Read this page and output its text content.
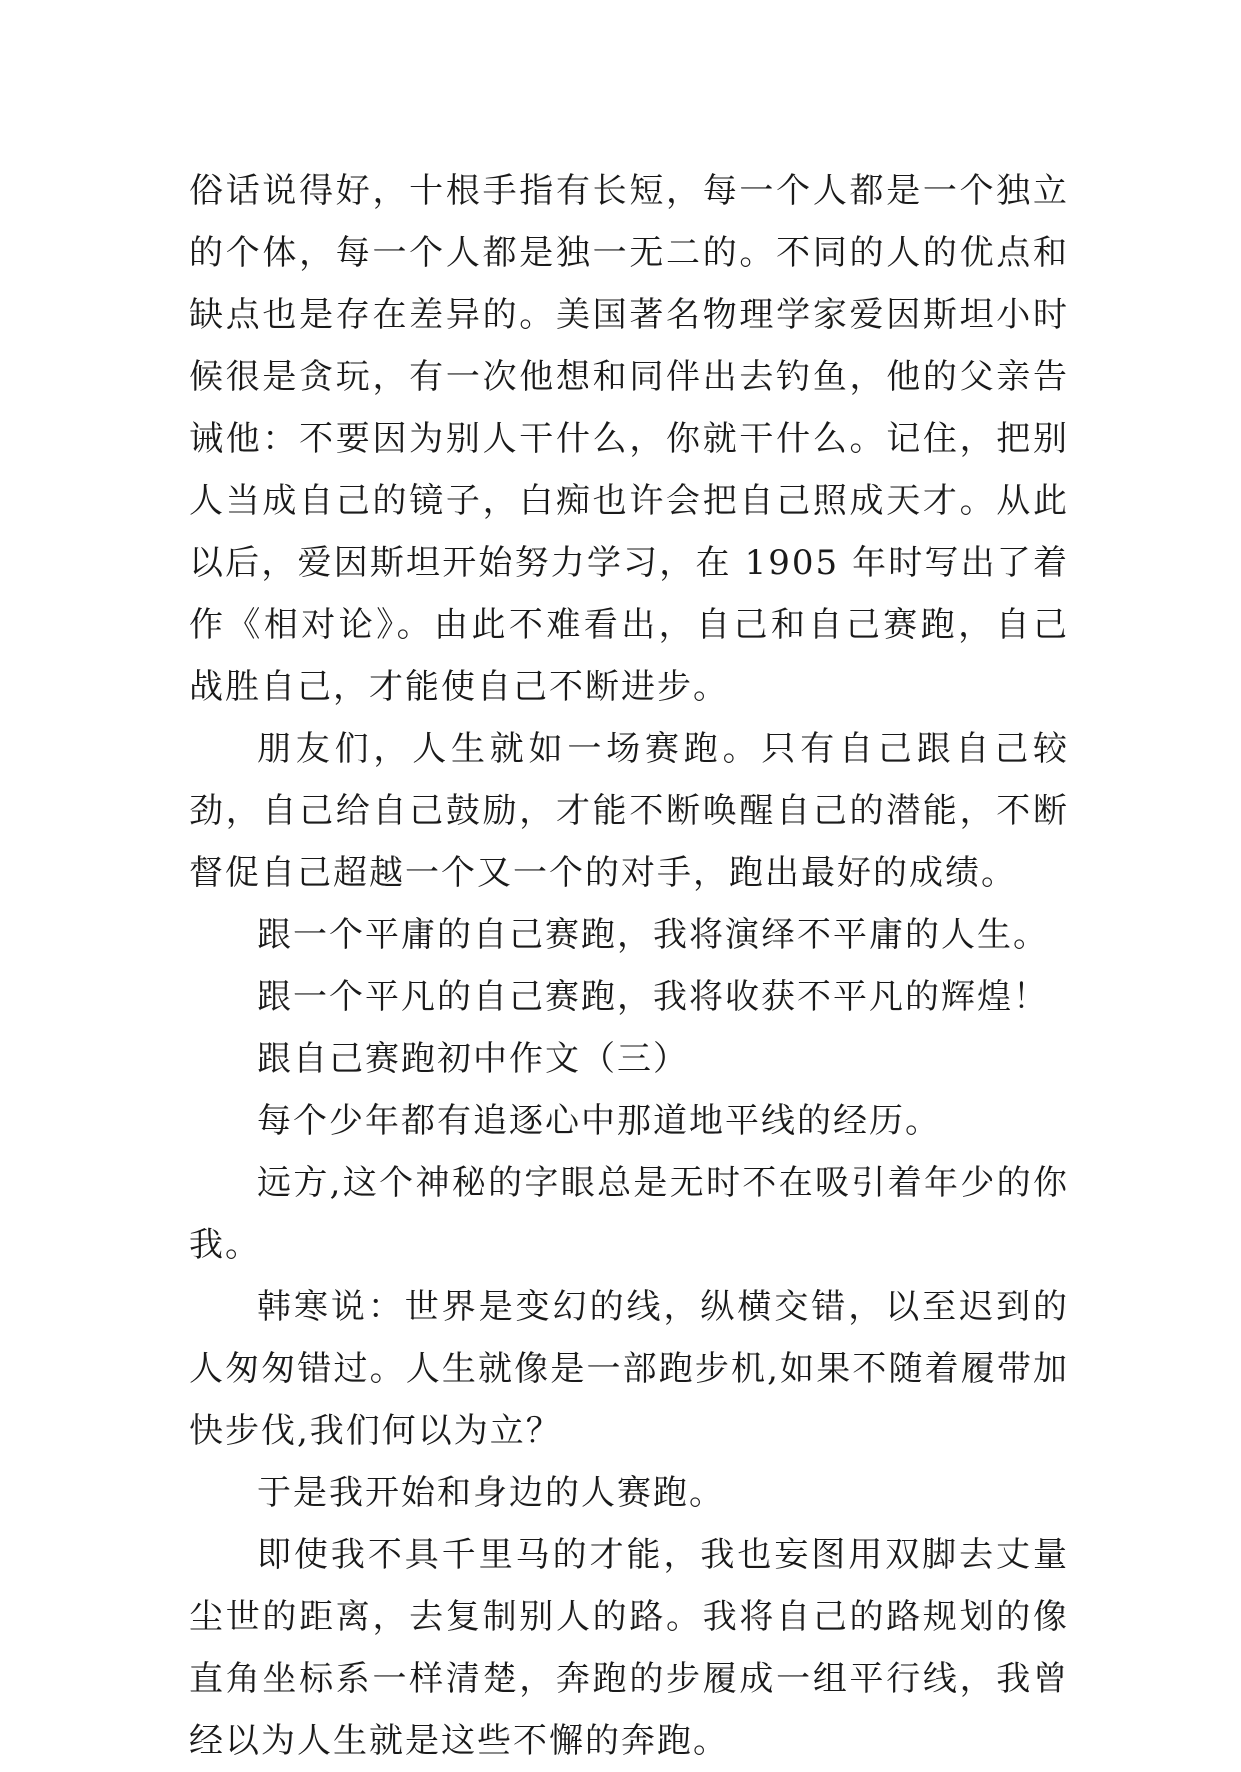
俗话说得好，十根手指有长短，每一个人都是一个独立的个体，每一个人都是独一无二的。不同的人的优点和缺点也是存在差异的。美国著名物理学家爱因斯坦小时候很是贪玩，有一次他想和同伴出去钓鱼，他的父亲告诫他：不要因为别人干什么，你就干什么。记住，把别人当成自己的镜子，白痴也许会把自己照成天才。从此以后，爱因斯坦开始努力学习，在 1905 年时写出了着作《相对论》。由此不难看出，自己和自己赛跑，自己战胜自己，才能使自己不断进步。

朋友们，人生就如一场赛跑。只有自己跟自己较劲，自己给自己鼓励，才能不断唤醒自己的潜能，不断督促自己超越一个又一个的对手，跑出最好的成绩。

跟一个平庸的自己赛跑，我将演绎不平庸的人生。

跟一个平凡的自己赛跑，我将收获不平凡的辉煌！

跟自己赛跑初中作文（三）

每个少年都有追逐心中那道地平线的经历。

远方,这个神秘的字眼总是无时不在吸引着年少的你我。

韩寒说：世界是变幻的线，纵横交错，以至迟到的人匆匆错过。人生就像是一部跑步机,如果不随着履带加快步伐,我们何以为立？

于是我开始和身边的人赛跑。

即使我不具千里马的才能，我也妄图用双脚去丈量尘世的距离，去复制别人的路。我将自己的路规划的像直角坐标系一样清楚，奔跑的步履成一组平行线，我曾经以为人生就是这些不懈的奔跑。
